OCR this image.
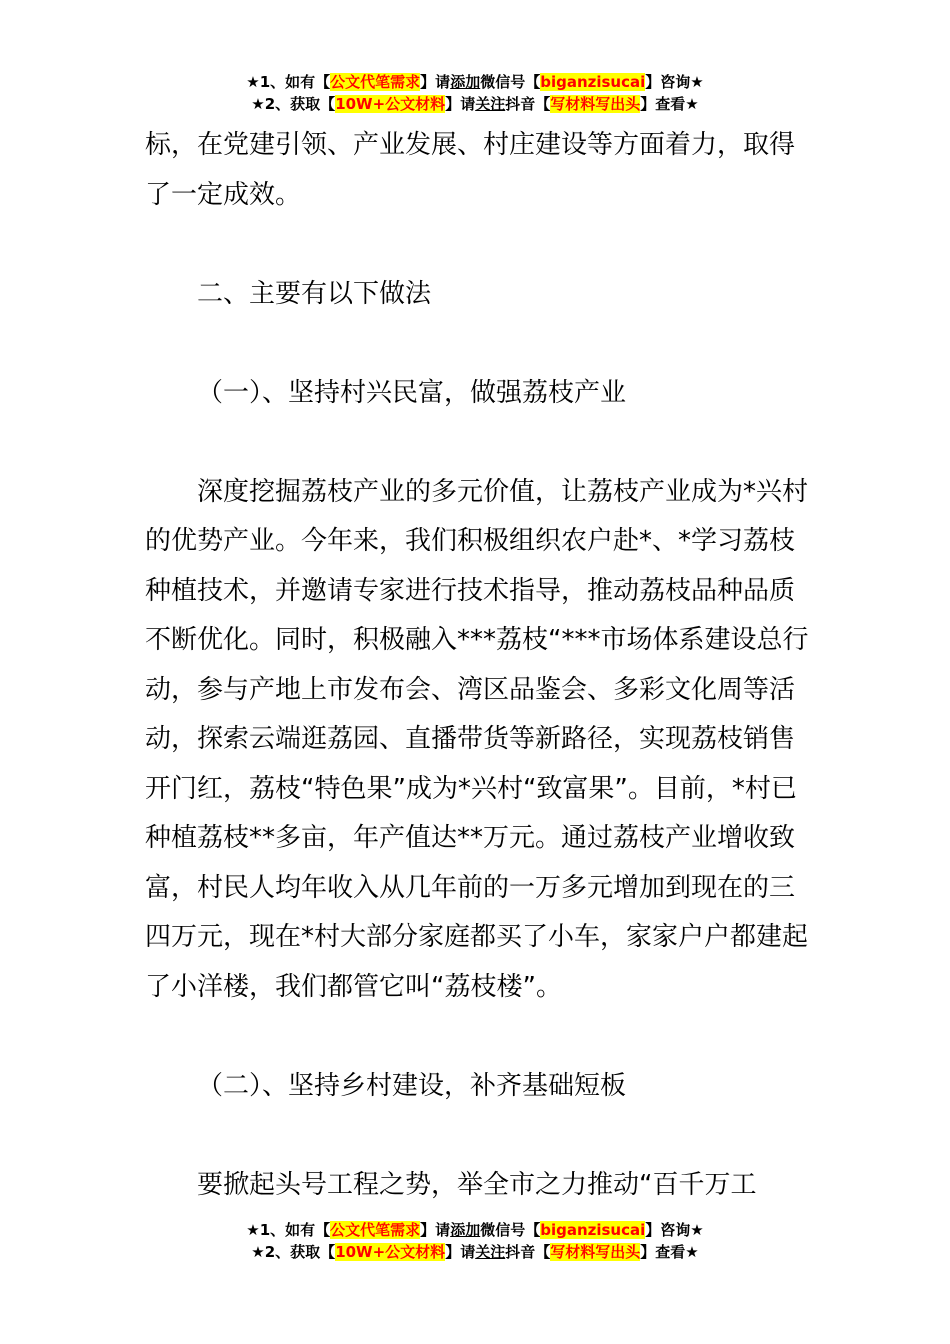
★1、如有【公文代笔需求】请添加微信号【biganzisucai】咨询★
★2、获取【10W+公文材料】请关注抖音【写材料写出头】查看★

标，在党建引领、产业发展、村庄建设等方面着力，取得了一定成效。

二、主要有以下做法

（一）、坚持村兴民富，做强荔枝产业

深度挖掘荔枝产业的多元价值，让荔枝产业成为*兴村的优势产业。今年来，我们积极组织农户赴*、*学习荔枝种植技术，并邀请专家进行技术指导，推动荔枝品种品质不断优化。同时，积极融入***荔枝“***市场体系建设总行动，参与产地上市发布会、湾区品鉴会、多彩文化周等活动，探索云端逛荔园、直播带货等新路径，实现荔枝销售开门红，荔枝“特色果”成为*兴村“致富果”。目前，*村已种植荔枝**多亩，年产值达**万元。通过荔枝产业增收致富，村民人均年收入从几年前的一万多元增加到现在的三四万元，现在*村大部分家庭都买了小车，家家户户都建起了小洋楼，我们都管它叫“荔枝楼”。

（二）、坚持乡村建设，补齐基础短板

要掀起头号工程之势，举全市之力推动“百千万工

★1、如有【公文代笔需求】请添加微信号【biganzisucai】咨询★
★2、获取【10W+公文材料】请关注抖音【写材料写出头】查看★
